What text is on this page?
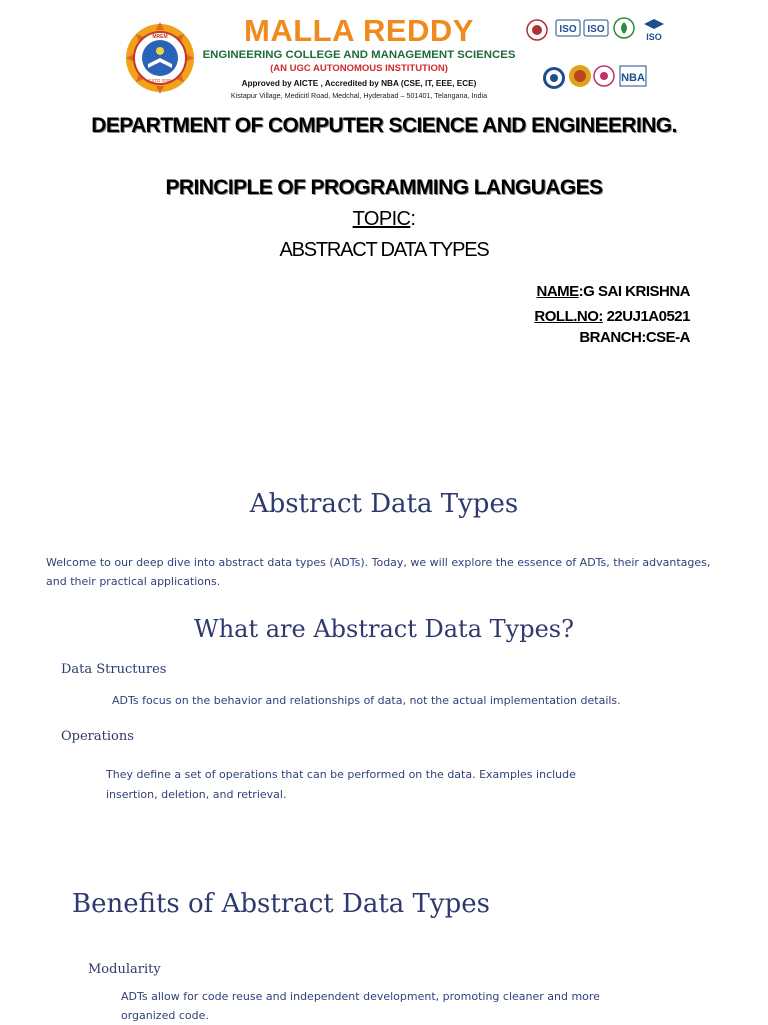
MREM
ESTD 2008
MALLA REDDY
ENGINEERING COLLEGE AND MANAGEMENT SCIENCES
(AN UGC AUTONOMOUS INSTITUTION)
Approved by AICTE , Accredited by NBA (CSE, IT, EEE, ECE)
Kistapur Village, Medicitl Road, Medchal, Hyderabad – 501401, Telangana, India
ISO ISO
ISO
NBA
DEPARTMENT OF COMPUTER SCIENCE AND ENGINEERING.
PRINCIPLE OF PROGRAMMING LANGUAGES
TOPIC:
ABSTRACT DATA TYPES
NAME:G SAI KRISHNA
ROLL.NO: 22UJ1A0521
BRANCH:CSE-A
Abstract Data Types
Welcome to our deep dive into abstract data types (ADTs). Today, we will explore the essence of ADTs, their advantages, and their practical applications.
What are Abstract Data Types?
Data Structures
ADTs focus on the behavior and relationships of data, not the actual implementation details.
Operations
They define a set of operations that can be performed on the data. Examples include insertion, deletion, and retrieval.
Benefits of Abstract Data Types
Modularity
ADTs allow for code reuse and independent development, promoting cleaner and more organized code.
